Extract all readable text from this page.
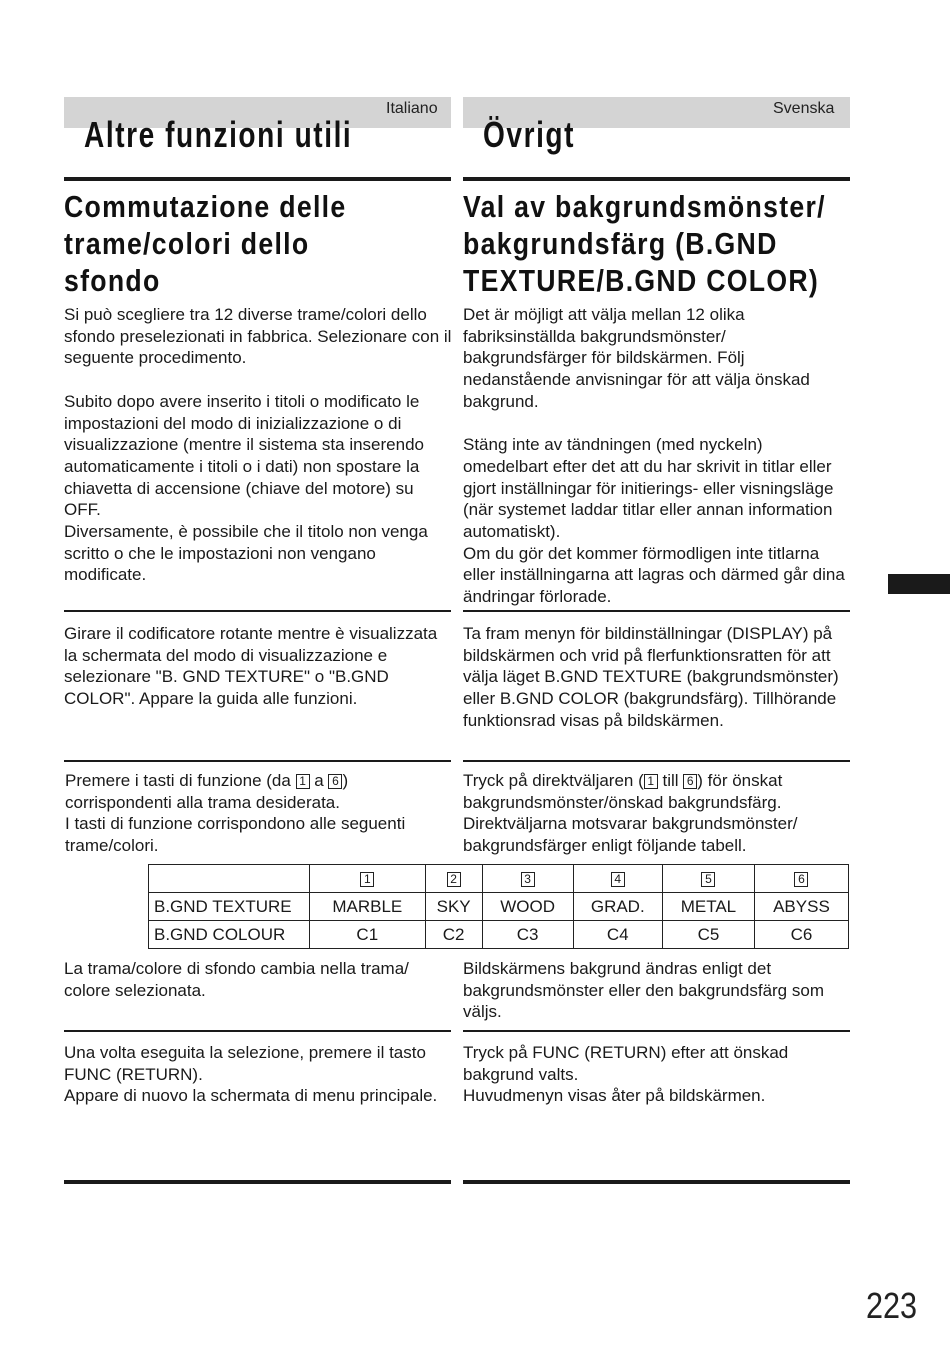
Italiano	Svenska
Altre funzioni utili	Övrigt
Commutazione delle
trame/colori dello
sfondo
Val av bakgrundsmönster/
bakgrundsfärg (B.GND
TEXTURE/B.GND COLOR)

Si può scegliere tra 12 diverse trame/colori dello sfondo preselezionati in fabbrica. Selezionare con il seguente procedimento.

Subito dopo avere inserito i titoli o modificato le impostazioni del modo di inizializzazione o di visualizzazione (mentre il sistema sta inserendo automaticamente i titoli o i dati) non spostare la chiavetta di accensione (chiave del motore) su OFF.

Diversamente, è possibile che il titolo non venga scritto o che le impostazioni non vengano modificate.

Det är möjligt att välja mellan 12 olika fabriksinställda bakgrundsmönster/ bakgrundsfärger för bildskärmen. Följ nedanstående anvisningar för att välja önskad bakgrund.

Stäng inte av tändningen (med nyckeln) omedelbart efter det att du har skrivit in titlar eller gjort inställningar för initierings- eller visningsläge (när systemet laddar titlar eller annan information automatiskt).

Om du gör det kommer förmodligen inte titlarna eller inställningarna att lagras och därmed går dina ändringar förlorade.

Girare il codificatore rotante mentre è visualizzata la schermata del modo di visualizzazione e selezionare "B. GND TEXTURE" o "B.GND COLOR". Appare la guida alle funzioni.
Ta fram menyn för bildinställningar (DISPLAY) på bildskärmen och vrid på flerfunktionsratten för att välja läget B.GND TEXTURE (bakgrundsmönster) eller B.GND COLOR (bakgrundsfärg). Tillhörande funktionsrad visas på bildskärmen.

Premere i tasti di funzione (da 1 a 6 )

corrispondenti alla trama desiderata.

I tasti di funzione corrispondono alle seguenti trame/colori.

Tryck på direktväljaren ( 1 till 6 ) för önskat

bakgrundsmönster/önskad bakgrundsfärg. Direktväljarna motsvarar bakgrundsmönster/ bakgrundsfärger enligt följande tabell.

	1	2	3	4	5	6
B.GND TEXTURE	MARBLE	SKY	WOOD	GRAD.	METAL	ABYSS
B.GND COLOUR	C1	C2	C3	C4	C5	C6
La trama/colore di sfondo cambia nella trama/ colore selezionata.
Bildskärmens bakgrund ändras enligt det bakgrundsmönster eller den bakgrundsfärg som väljs.

Una volta eseguita la selezione, premere il tasto FUNC (RETURN).

Appare di nuovo la schermata di menu principale.

Tryck på FUNC (RETURN) efter att önskad bakgrund valts.

Huvudmenyn visas åter på bildskärmen.

223
